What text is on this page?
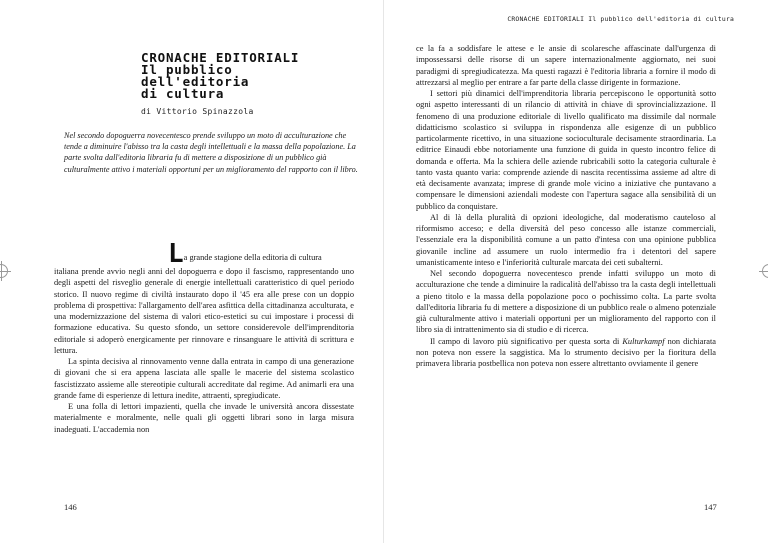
CRONACHE EDITORIALI
Il pubblico
dell'editoria
di cultura
di Vittorio Spinazzola
Nel secondo dopoguerra novecentesco prende sviluppo un moto di acculturazione che tende a diminuire l'abisso tra la casta degli intellettuali e la massa della popolazione. La parte svolta dall'editoria libraria fu di mettere a disposizione di un pubblico già culturalmente attivo i materiali opportuni per un miglioramento del rapporto con il libro.
La grande stagione della editoria di cultura

italiana prende avvio negli anni del dopoguerra e dopo il fascismo, rappresentando uno degli aspetti del risveglio generale di energie intellettuali caratteristico di quel periodo storico. Il nuovo regime di civiltà instaurato dopo il '45 era alle prese con un doppio problema di prospettiva: l'allargamento dell'area asfittica della cittadinanza acculturata, e una modernizzazione del sistema di valori etico-estetici su cui impostare i processi di formazione educativa. Su questo sfondo, un settore considerevole dell'imprenditoria editoriale si adoperò energicamente per rinnovare e rinsanguare le attività di scrittura e lettura.

La spinta decisiva al rinnovamento venne dalla entrata in campo di una generazione di giovani che si era appena lasciata alle spalle le macerie del sistema scolastico fascistizzato assieme alle stereotipie culturali accreditate dal regime. Ad animarli era una grande fame di esperienze di lettura inedite, attraenti, spregiudicate.

E una folla di lettori impazienti, quella che invade le università ancora dissestate materialmente e moralmente, nelle quali gli oggetti librari sono in larga misura inadeguati. L'accademia non

146
CRONACHE EDITORIALI Il pubblico dell'editoria di cultura

ce la fa a soddisfare le attese e le ansie di scolaresche affascinate dall'urgenza di impossessarsi delle risorse di un sapere internazionalmente aggiornato, nei suoi paradigmi di spregiudicatezza. Ma questi ragazzi è l'editoria libraria a fornire il modo di attrezzarsi al meglio per entrare a far parte della classe dirigente in formazione.

I settori più dinamici dell'imprenditoria libraria percepiscono le opportunità sotto ogni aspetto interessanti di un rilancio di attività in chiave di sprovincializzazione. Il fenomeno di una produzione editoriale di livello qualificato ma dissimile dal normale didatticismo scolastico si sviluppa in rispondenza alle esigenze di un pubblico particolarmente ricettivo, in una situazione socioculturale decisamente straordinaria. La editrice Einaudi ebbe notoriamente una funzione di guida in questo incontro felice di domanda e offerta. Ma la schiera delle aziende rubricabili sotto la categoria culturale è tanto vasta quanto varia: comprende aziende di nascita recentissima assieme ad altre di età decisamente avanzata; imprese di grande mole vicino a iniziative che puntavano a compensare le dimensioni aziendali modeste con l'apertura sagace alla sensibilità di un pubblico da conquistare.

Al di là della pluralità di opzioni ideologiche, dal moderatismo cauteloso al riformismo acceso; e della diversità del peso concesso alle istanze commerciali, l'essenziale era la disponibilità comune a un patto d'intesa con una opinione pubblica giovanile incline ad assumere un ruolo intermedio fra i detentori del sapere umanisticamente inteso e l'inferiorità culturale marcata dei ceti subalterni.

Nel secondo dopoguerra novecentesco prende infatti sviluppo un moto di acculturazione che tende a diminuire la radicalità dell'abisso tra la casta degli intellettuali a pieno titolo e la massa della popolazione poco o pochissimo colta. La parte svolta dall'editoria libraria fu di mettere a disposizione di un pubblico reale o almeno potenziale già culturalmente attivo i materiali opportuni per un miglioramento del rapporto con il libro sia di intrattenimento sia di studio e di ricerca.

Il campo di lavoro più significativo per questa sorta di Kulturkampf non dichiarata non poteva non essere la saggistica. Ma lo strumento decisivo per la fioritura della primavera libraria postbellica non poteva non essere altrettanto ovviamente il genere

147
